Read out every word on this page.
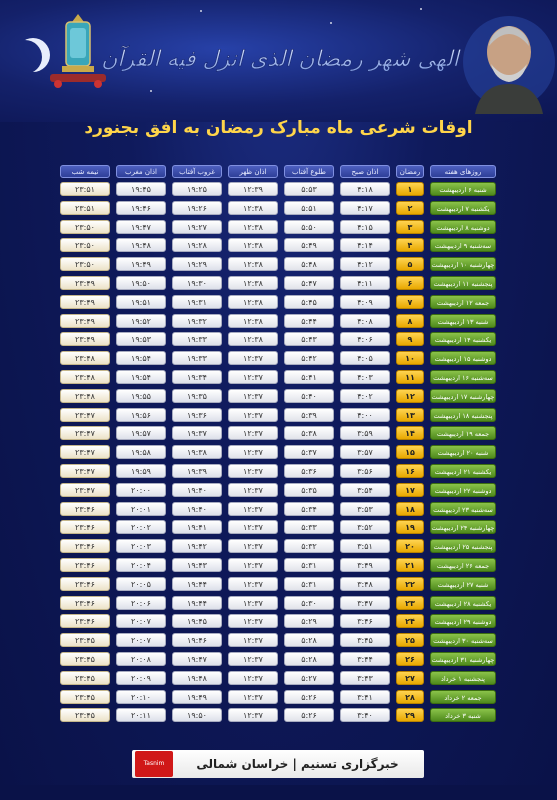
الهی شهر رمضان الذی انزل فیه القرآن
اوقات شرعی ماه مبارک رمضان به افق بجنورد
نیمه شب	اذان مغرب	غروب آفتاب	اذان ظهر	طلوع آفتاب	اذان صبح	رمضان	روزهای هفته
۲۳:۵۱	۱۹:۴۵	۱۹:۲۵	۱۲:۳۹	۵:۵۳	۴:۱۸	۱	شنبه ۶ اردیبهشت
۲۳:۵۱	۱۹:۴۶	۱۹:۲۶	۱۲:۳۸	۵:۵۱	۴:۱۷	۲	یکشنبه ۷ اردیبهشت
۲۳:۵۰	۱۹:۴۷	۱۹:۲۷	۱۲:۳۸	۵:۵۰	۴:۱۵	۳	دوشنبه ۸ اردیبهشت
۲۳:۵۰	۱۹:۴۸	۱۹:۲۸	۱۲:۳۸	۵:۴۹	۴:۱۴	۴	سه‌شنبه ۹ اردیبهشت
۲۳:۵۰	۱۹:۴۹	۱۹:۲۹	۱۲:۳۸	۵:۴۸	۴:۱۲	۵	چهارشنبه ۱۰ اردیبهشت
۲۳:۴۹	۱۹:۵۰	۱۹:۳۰	۱۲:۳۸	۵:۴۷	۴:۱۱	۶	پنجشنبه ۱۱ اردیبهشت
۲۳:۴۹	۱۹:۵۱	۱۹:۳۱	۱۲:۳۸	۵:۴۵	۴:۰۹	۷	جمعه ۱۲ اردیبهشت
۲۳:۴۹	۱۹:۵۲	۱۹:۳۲	۱۲:۳۸	۵:۴۴	۴:۰۸	۸	شنبه ۱۳ اردیبهشت
۲۳:۴۹	۱۹:۵۳	۱۹:۳۳	۱۲:۳۸	۵:۴۳	۴:۰۶	۹	یکشنبه ۱۴ اردیبهشت
۲۳:۴۸	۱۹:۵۴	۱۹:۳۳	۱۲:۳۷	۵:۴۲	۴:۰۵	۱۰	دوشنبه ۱۵ اردیبهشت
۲۳:۴۸	۱۹:۵۴	۱۹:۳۴	۱۲:۳۷	۵:۴۱	۴:۰۳	۱۱	سه‌شنبه ۱۶ اردیبهشت
۲۳:۴۸	۱۹:۵۵	۱۹:۳۵	۱۲:۳۷	۵:۴۰	۴:۰۲	۱۲	چهارشنبه ۱۷ اردیبهشت
۲۳:۴۷	۱۹:۵۶	۱۹:۳۶	۱۲:۳۷	۵:۳۹	۴:۰۰	۱۳	پنجشنبه ۱۸ اردیبهشت
۲۳:۴۷	۱۹:۵۷	۱۹:۳۷	۱۲:۳۷	۵:۳۸	۳:۵۹	۱۴	جمعه ۱۹ اردیبهشت
۲۳:۴۷	۱۹:۵۸	۱۹:۳۸	۱۲:۳۷	۵:۳۷	۳:۵۷	۱۵	شنبه ۲۰ اردیبهشت
۲۳:۴۷	۱۹:۵۹	۱۹:۳۹	۱۲:۳۷	۵:۳۶	۳:۵۶	۱۶	یکشنبه ۲۱ اردیبهشت
۲۳:۴۷	۲۰:۰۰	۱۹:۴۰	۱۲:۳۷	۵:۳۵	۳:۵۴	۱۷	دوشنبه ۲۲ اردیبهشت
۲۳:۴۶	۲۰:۰۱	۱۹:۴۰	۱۲:۳۷	۵:۳۴	۳:۵۳	۱۸	سه‌شنبه ۲۳ اردیبهشت
۲۳:۴۶	۲۰:۰۲	۱۹:۴۱	۱۲:۳۷	۵:۳۳	۳:۵۲	۱۹	چهارشنبه ۲۴ اردیبهشت
۲۳:۴۶	۲۰:۰۳	۱۹:۴۲	۱۲:۳۷	۵:۳۲	۳:۵۱	۲۰	پنجشنبه ۲۵ اردیبهشت
۲۳:۴۶	۲۰:۰۴	۱۹:۴۳	۱۲:۳۷	۵:۳۱	۳:۴۹	۲۱	جمعه ۲۶ اردیبهشت
۲۳:۴۶	۲۰:۰۵	۱۹:۴۴	۱۲:۳۷	۵:۳۱	۳:۴۸	۲۲	شنبه ۲۷ اردیبهشت
۲۳:۴۶	۲۰:۰۶	۱۹:۴۴	۱۲:۳۷	۵:۳۰	۳:۴۷	۲۳	یکشنبه ۲۸ اردیبهشت
۲۳:۴۶	۲۰:۰۷	۱۹:۴۵	۱۲:۳۷	۵:۲۹	۳:۴۶	۲۴	دوشنبه ۲۹ اردیبهشت
۲۳:۴۵	۲۰:۰۷	۱۹:۴۶	۱۲:۳۷	۵:۲۸	۳:۴۵	۲۵	سه‌شنبه ۳۰ اردیبهشت
۲۳:۴۵	۲۰:۰۸	۱۹:۴۷	۱۲:۳۷	۵:۲۸	۳:۴۴	۲۶	چهارشنبه ۳۱ اردیبهشت
۲۳:۴۵	۲۰:۰۹	۱۹:۴۸	۱۲:۳۷	۵:۲۷	۳:۴۳	۲۷	پنجشنبه ۱ خرداد
۲۳:۴۵	۲۰:۱۰	۱۹:۴۹	۱۲:۳۷	۵:۲۶	۳:۴۱	۲۸	جمعه ۲ خرداد
۲۳:۴۵	۲۰:۱۱	۱۹:۵۰	۱۲:۳۷	۵:۲۶	۳:۴۰	۲۹	شنبه ۳ خرداد
Tasnim	خبرگزاری تسنیم | خراسان شمالی
